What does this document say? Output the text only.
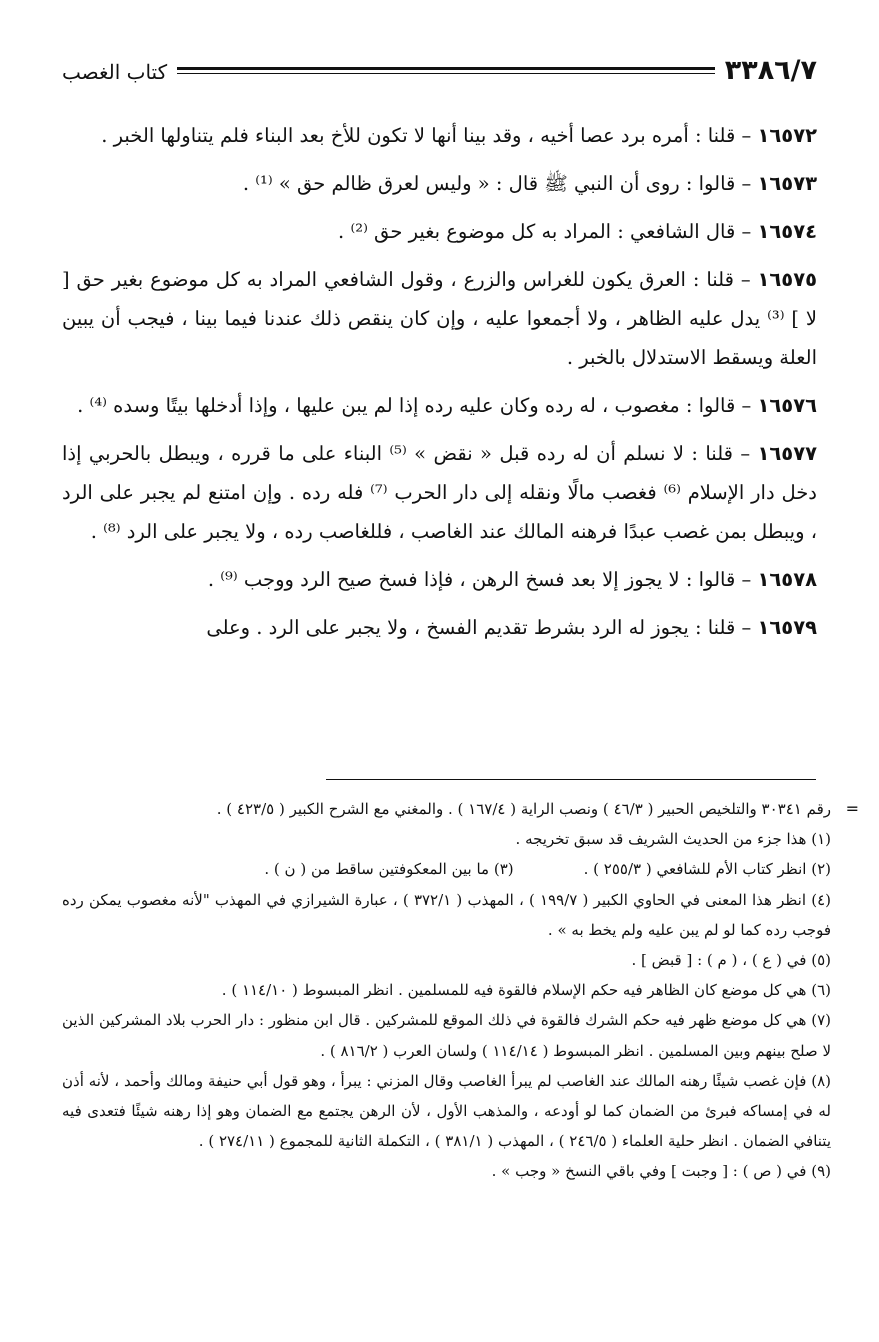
٣٣٨٦/٧
كتاب الغصب

١٦٥٧٢ – قلنا : أمره برد عصا أخيه ، وقد بينا أنها لا تكون للأخ بعد البناء فلم يتناولها الخبر .

١٦٥٧٣ – قالوا : روى أن النبي ﷺ قال : « وليس لعرق ظالم حق » ⁽¹⁾ .

١٦٥٧٤ – قال الشافعي : المراد به كل موضوع بغير حق ⁽²⁾ .

١٦٥٧٥ – قلنا : العرق يكون للغراس والزرع ، وقول الشافعي المراد به كل موضوع بغير حق [ لا ] ⁽³⁾ يدل عليه الظاهر ، ولا أجمعوا عليه ، وإن كان ينقص ذلك عندنا فيما بينا ، فيجب أن يبين العلة ويسقط الاستدلال بالخبر .

١٦٥٧٦ – قالوا : مغصوب ، له رده وكان عليه رده إذا لم يبن عليها ، وإذا أدخلها بيتًا وسده ⁽⁴⁾ .

١٦٥٧٧ – قلنا : لا نسلم أن له رده قبل « نقض » ⁽⁵⁾ البناء على ما قرره ، ويبطل بالحربي إذا دخل دار الإسلام ⁽⁶⁾ فغصب مالًا ونقله إلى دار الحرب ⁽⁷⁾ فله رده . وإن امتنع لم يجبر على الرد ، ويبطل بمن غصب عبدًا فرهنه المالك عند الغاصب ، فللغاصب رده ، ولا يجبر على الرد ⁽⁸⁾ .

١٦٥٧٨ – قالوا : لا يجوز إلا بعد فسخ الرهن ، فإذا فسخ صيح الرد ووجب ⁽⁹⁾ .

١٦٥٧٩ – قلنا : يجوز له الرد بشرط تقديم الفسخ ، ولا يجبر على الرد . وعلى

=
رقم ٣٠٣٤١ والتلخيص الحبير ( ٤٦/٣ ) ونصب الراية ( ١٦٧/٤ ) . والمغني مع الشرح الكبير ( ٤٢٣/٥ ) .

(١) هذا جزء من الحديث الشريف قد سبق تخريجه .

(٢) انظر كتاب الأم للشافعي ( ٢٥٥/٣ ) .
(٣) ما بين المعكوفتين ساقط من ( ن ) .

(٤) انظر هذا المعنى في الحاوي الكبير ( ١٩٩/٧ ) ، المهذب ( ٣٧٢/١ ) ، عبارة الشيرازي في المهذب "لأنه مغصوب يمكن رده فوجب رده كما لو لم يبن عليه ولم يخط به » .

(٥) في ( ع ) ، ( م ) : [ قبض ] .

(٦) هي كل موضع كان الظاهر فيه حكم الإسلام فالقوة فيه للمسلمين . انظر المبسوط ( ١١٤/١٠ ) .

(٧) هي كل موضع ظهر فيه حكم الشرك فالقوة في ذلك الموقع للمشركين . قال ابن منظور : دار الحرب بلاد المشركين الذين لا صلح بينهم وبين المسلمين . انظر المبسوط ( ١١٤/١٤ ) ولسان العرب ( ٨١٦/٢ ) .

(٨) فإن غصب شيئًا رهنه المالك عند الغاصب لم يبرأ الغاصب وقال المزني : يبرأ ، وهو قول أبي حنيفة ومالك وأحمد ، لأنه أذن له في إمساكه فبرئ من الضمان كما لو أودعه ، والمذهب الأول ، لأن الرهن يجتمع مع الضمان وهو إذا رهنه شيئًا فتعدى فيه يتنافي الضمان . انظر حلية العلماء ( ٢٤٦/٥ ) ، المهذب ( ٣٨١/١ ) ، التكملة الثانية للمجموع ( ٢٧٤/١١ ) .

(٩) في ( ص ) : [ وجبت ] وفي باقي النسخ « وجب » .
